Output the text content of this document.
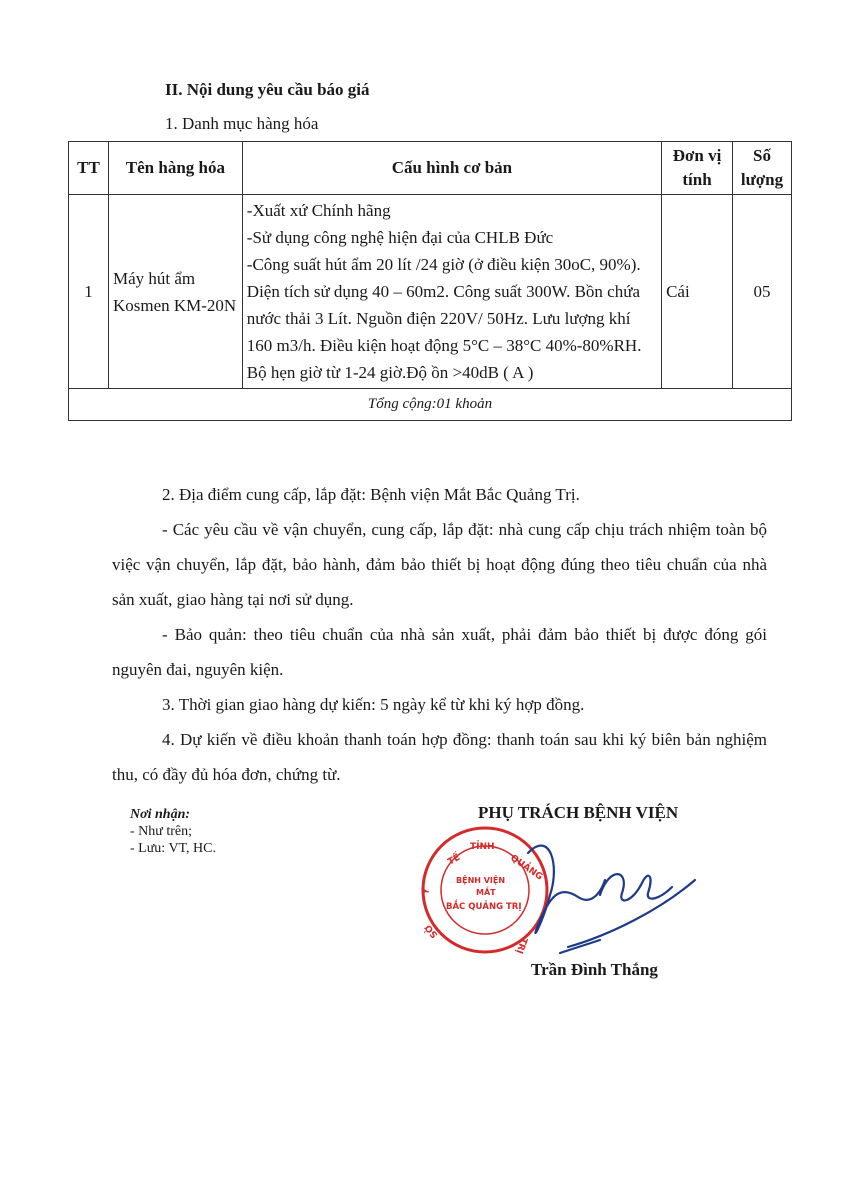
II. Nội dung yêu cầu báo giá
1. Danh mục hàng hóa
TT	Tên hàng hóa	Cấu hình cơ bản	Đơn vị tính	Số lượng
1	Máy hút ẩm Kosmen KM-20N	-Xuất xứ Chính hãng
-Sử dụng công nghệ hiện đại của CHLB Đức
-Công suất hút ẩm 20 lít /24 giờ (ở điều kiện 30oC, 90%). Diện tích sử dụng 40 – 60m2. Công suất 300W. Bồn chứa nước thải 3 Lít. Nguồn điện 220V/ 50Hz. Lưu lượng khí 160 m3/h. Điều kiện hoạt động 5°C – 38°C 40%-80%RH. Bộ hẹn giờ từ 1-24 giờ.Độ ồn >40dB ( A )	Cái	05
Tổng cộng:01 khoản				
2. Địa điểm cung cấp, lắp đặt: Bệnh viện Mắt Bắc Quảng Trị.
- Các yêu cầu về vận chuyển, cung cấp, lắp đặt: nhà cung cấp chịu trách nhiệm toàn bộ việc vận chuyển, lắp đặt, bảo hành, đảm bảo thiết bị hoạt động đúng theo tiêu chuẩn của nhà sản xuất, giao hàng tại nơi sử dụng.
- Bảo quản: theo tiêu chuẩn của nhà sản xuất, phải đảm bảo thiết bị được đóng gói nguyên đai, nguyên kiện.
3. Thời gian giao hàng dự kiến: 5 ngày kể từ khi ký hợp đồng.
4. Dự kiến về điều khoản thanh toán hợp đồng: thanh toán sau khi ký biên bản nghiệm thu, có đầy đủ hóa đơn, chứng từ.
Nơi nhận:
- Như trên;
- Lưu: VT, HC.
PHỤ TRÁCH BỆNH VIỆN
TẾ
TỈNH
QUẢNG
Y
SỞ
TRỊ
BỆNH VIỆN
MẮT
BẮC QUẢNG TRỊ
Trần Đình Thắng
